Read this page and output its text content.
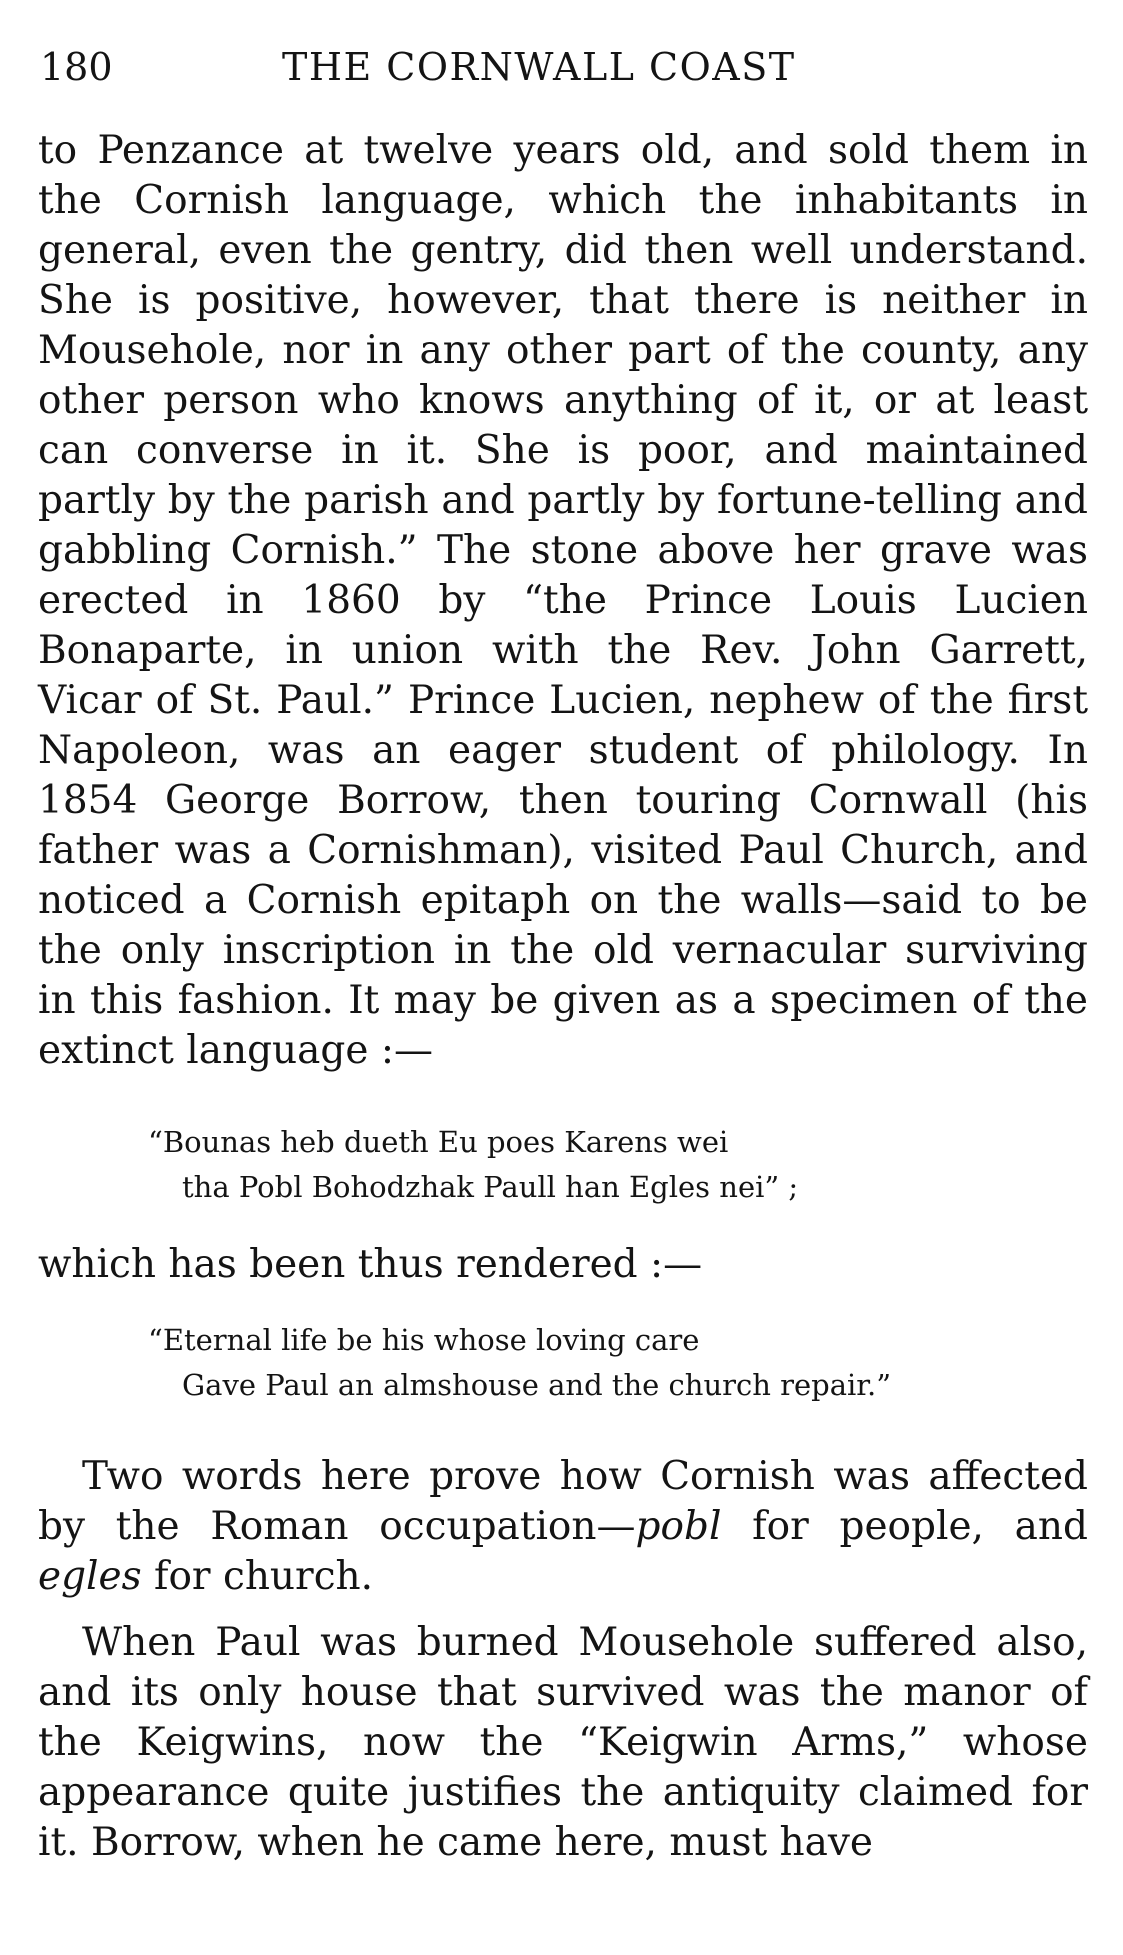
180	THE CORNWALL COAST

to Penzance at twelve years old, and sold them in the Cornish language, which the inhabitants in general, even the gentry, did then well understand. She is positive, however, that there is neither in Mousehole, nor in any other part of the county, any other person who knows anything of it, or at least can converse in it. She is poor, and maintained partly by the parish and partly by fortune-telling and gabbling Cornish.” The stone above her grave was erected in 1860 by “the Prince Louis Lucien Bonaparte, in union with the Rev. John Garrett, Vicar of St. Paul.” Prince Lucien, nephew of the first Napoleon, was an eager student of philology. In 1854 George Borrow, then touring Cornwall (his father was a Cornishman), visited Paul Church, and noticed a Cornish epitaph on the walls—said to be the only inscription in the old vernacular surviving in this fashion. It may be given as a specimen of the extinct language :—

“Bounas heb dueth Eu poes Karens wei
tha Pobl Bohodzhak Paull han Egles nei” ;

which has been thus rendered :—

“Eternal life be his whose loving care
Gave Paul an almshouse and the church repair.”

Two words here prove how Cornish was affected by the Roman occupation—pobl for people, and egles for church.

When Paul was burned Mousehole suffered also, and its only house that survived was the manor of the Keigwins, now the “Keigwin Arms,” whose appearance quite justifies the antiquity claimed for it. Borrow, when he came here, must have
